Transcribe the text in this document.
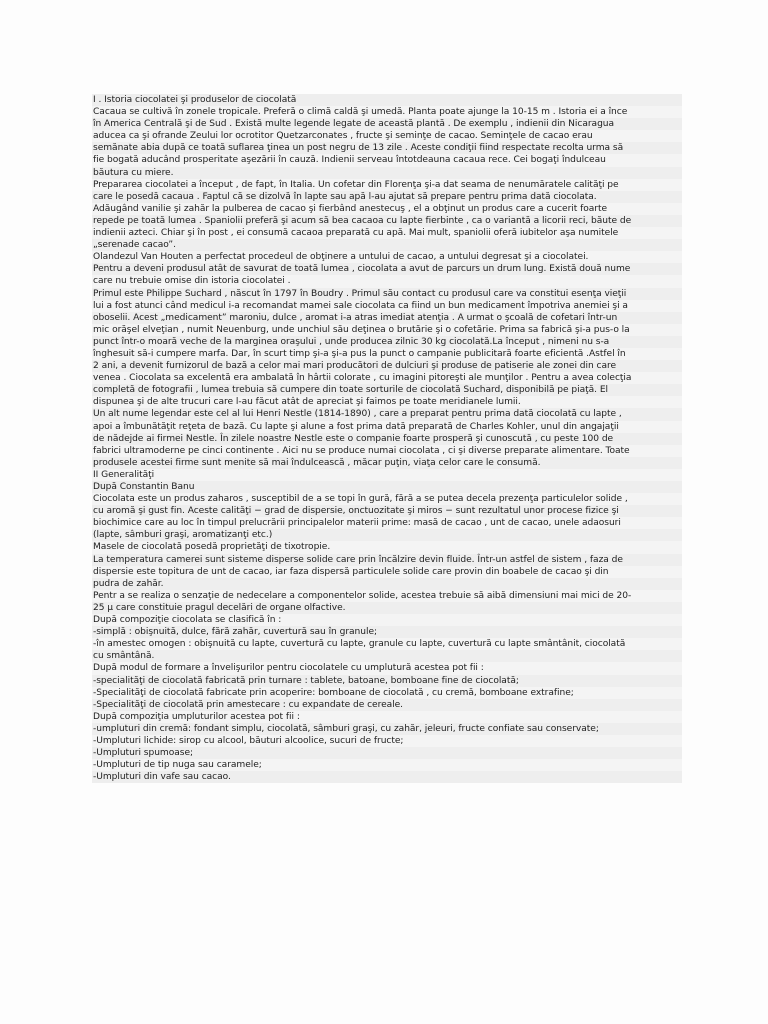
I . Istoria ciocolatei şi produselor de ciocolată
Cacaua se cultivă în zonele tropicale. Preferă o climă caldă şi umedă. Planta poate ajunge la 10-15 m . Istoria ei a înce
în America Centrală şi de Sud . Există multe legende legate de această plantă . De exemplu , indienii din Nicaragua
aducea ca şi ofrande Zeului lor ocrotitor Quetzarconates , fructe şi seminţe de cacao. Seminţele de cacao erau
semănate abia după ce toată suflarea ţinea un post negru de 13 zile . Aceste condiţii fiind respectate recolta urma să
fie bogată aducând prosperitate aşezării în cauză. Indienii serveau întotdeauna cacaua rece. Cei bogaţi îndulceau
băutura cu miere.
Prepararea ciocolatei a început , de fapt, în Italia. Un cofetar din Florenţa şi-a dat seama de nenumăratele calităţi pe
care le posedă cacaua . Faptul că se dizolvă în lapte sau apă l-au ajutat să prepare pentru prima dată ciocolata.
Adăugând vanilie şi zahăr la pulberea de cacao şi fierbând anestecuş , el a obţinut un produs care a cucerit foarte
repede pe toată lumea . Spaniolii preferă şi acum să bea cacaoa cu lapte fierbinte , ca o variantă a licorii reci, băute de
indienii azteci. Chiar şi în post , ei consumă cacaoa preparată cu apă. Mai mult, spaniolii oferă iubitelor aşa numitele
„serenade cacao”.
Olandezul Van Houten a perfectat procedeul de obţinere a untului de cacao, a untului degresat şi a ciocolatei.
Pentru a deveni produsul atât de savurat de toată lumea , ciocolata a avut de parcurs un drum lung. Există două nume
care nu trebuie omise din istoria ciocolatei .
Primul este Philippe Suchard , născut în 1797 în Boudry . Primul său contact cu produsul care va constitui esenţa vieţii
lui a fost atunci când medicul i-a recomandat mamei sale ciocolata ca fiind un bun medicament împotriva anemiei şi a
oboselii. Acest „medicament” maroniu, dulce , aromat i-a atras imediat atenţia . A urmat o şcoală de cofetari într-un
mic orăşel elveţian , numit Neuenburg, unde unchiul său deţinea o brutărie şi o cofetărie. Prima sa fabrică şi-a pus-o la
punct într-o moară veche de la marginea oraşului , unde producea zilnic 30 kg ciocolată.La început , nimeni nu s-a
înghesuit să-i cumpere marfa. Dar, în scurt timp şi-a şi-a pus la punct o campanie publicitară foarte eficientă .Astfel în
2 ani, a devenit furnizorul de bază a celor mai mari producători de dulciuri şi produse de patiserie ale zonei din care
venea . Ciocolata sa excelentă era ambalată în hârtii colorate , cu imagini pitoreşti ale munţilor . Pentru a avea colecţia
completă de fotografii , lumea trebuia să cumpere din toate sorturile de ciocolată Suchard, disponibilă pe piaţă. El
dispunea şi de alte trucuri care l-au făcut atât de apreciat şi faimos pe toate meridianele lumii.
Un alt nume legendar este cel al lui Henri Nestle (1814-1890) , care a preparat pentru prima dată ciocolată cu lapte ,
apoi a îmbunătăţit reţeta de bază. Cu lapte şi alune a fost prima dată preparată de Charles Kohler, unul din angajaţii
de nădejde ai firmei Nestle. În zilele noastre Nestle este o companie foarte prosperă şi cunoscută , cu peste 100 de
fabrici ultramoderne pe cinci continente . Aici nu se produce numai ciocolata , ci şi diverse preparate alimentare. Toate
produsele acestei firme sunt menite să mai îndulcească , măcar puţin, viaţa celor care le consumă.
II Generalităţi
După Constantin Banu
Ciocolata este un produs zaharos , susceptibil de a se topi în gură, fără a se putea decela prezenţa particulelor solide ,
cu aromă şi gust fin. Aceste calităţi − grad de dispersie, onctuozitate şi miros − sunt rezultatul unor procese fizice şi
biochimice care au loc în timpul prelucrării principalelor materii prime: masă de cacao , unt de cacao, unele adaosuri
(lapte, sâmburi graşi, aromatizanţi etc.)
Masele de ciocolată posedă proprietăţi de tixotropie.
La temperatura camerei sunt sisteme disperse solide care prin încălzire devin fluide. Într-un astfel de sistem , faza de
dispersie este topitura de unt de cacao, iar faza dispersă particulele solide care provin din boabele de cacao şi din
pudra de zahăr.
Pentr a se realiza o senzaţie de nedecelare a componentelor solide, acestea trebuie să aibă dimensiuni mai mici de 20-
25 μ care constituie pragul decelări de organe olfactive.
După compoziţie ciocolata se clasifică în :
-simplă : obişnuită, dulce, fără zahăr, cuvertură sau în granule;
-în amestec omogen : obişnuită cu lapte, cuvertură cu lapte, granule cu lapte, cuvertură cu lapte smântânit, ciocolată
cu smântână.
După modul de formare a învelişurilor pentru ciocolatele cu umplutură acestea pot fii :
-specialităţi de ciocolată fabricată prin turnare : tablete, batoane, bomboane fine de ciocolată;
-Specialităţi de ciocolată fabricate prin acoperire: bomboane de ciocolată , cu cremă, bomboane extrafine;
-Specialităţi de ciocolată prin amestecare : cu expandate de cereale.
După compoziţia umpluturilor acestea pot fii :
-umpluturi din cremă: fondant simplu, ciocolată, sâmburi graşi, cu zahăr, jeleuri, fructe confiate sau conservate;
-Umpluturi lichide: sirop cu alcool, băuturi alcoolice, sucuri de fructe;
-Umpluturi spumoase;
-Umpluturi de tip nuga sau caramele;
-Umpluturi din vafe sau cacao.
